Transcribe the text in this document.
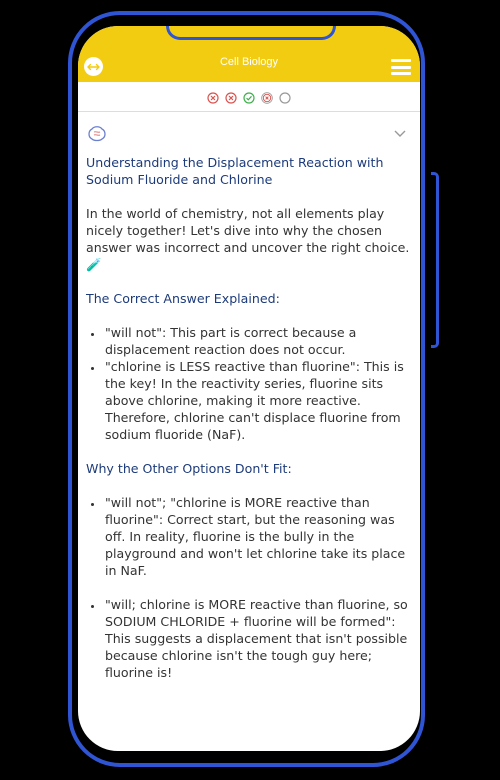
Cell Biology

Understanding the Displacement Reaction with Sodium Fluoride and Chlorine

In the world of chemistry, not all elements play nicely together! Let's dive into why the chosen answer was incorrect and uncover the right choice. 🧪

The Correct Answer Explained:

• "will not": This part is correct because a displacement reaction does not occur.
• "chlorine is LESS reactive than fluorine": This is the key! In the reactivity series, fluorine sits above chlorine, making it more reactive. Therefore, chlorine can't displace fluorine from sodium fluoride (NaF).

Why the Other Options Don't Fit:

• "will not"; "chlorine is MORE reactive than fluorine": Correct start, but the reasoning was off. In reality, fluorine is the bully in the playground and won't let chlorine take its place in NaF.
• "will; chlorine is MORE reactive than fluorine, so SODIUM CHLORIDE + fluorine will be formed": This suggests a displacement that isn't possible because chlorine isn't the tough guy here; fluorine is!
